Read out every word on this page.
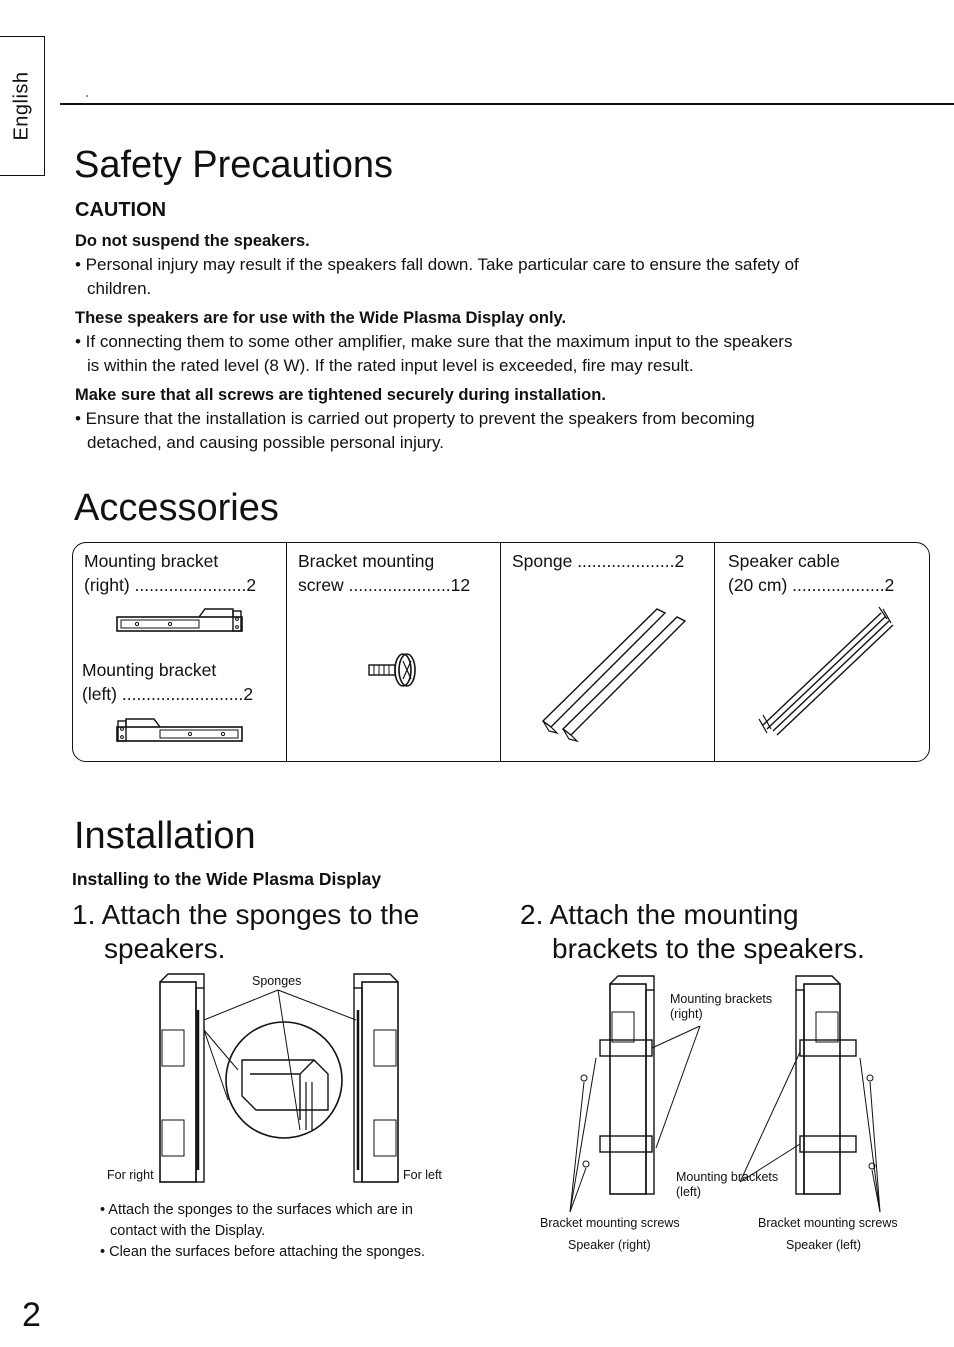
English
Safety Precautions
CAUTION
Do not suspend the speakers.
• Personal injury may result if the speakers fall down. Take particular care to ensure the safety of
children.
These speakers are for use with the Wide Plasma Display only.
• If connecting them to some other amplifier, make sure that the maximum input to the speakers
is within the rated level (8 W). If the rated input level is exceeded, fire may result.
Make sure that all screws are tightened securely during installation.
• Ensure that the installation is carried out property to prevent the speakers from becoming
detached, and causing possible personal injury.
Accessories
Mounting bracket
(right) .......................2
Mounting bracket
(left) .........................2
Bracket mounting
screw .....................12
Sponge ....................2	Speaker cable
(20 cm) ...................2
Installation
Installing to the Wide Plasma Display
1. Attach the sponges to the
speakers.
Sponges
For right	For left
• Attach the sponges to the surfaces which are in
contact with the Display.
• Clean the surfaces before attaching the sponges.
2. Attach the mounting
brackets to the speakers.
Mounting brackets
(right)
Mounting brackets
(left)
Bracket mounting screws	Bracket mounting screws
Speaker (right)	Speaker (left)
2
